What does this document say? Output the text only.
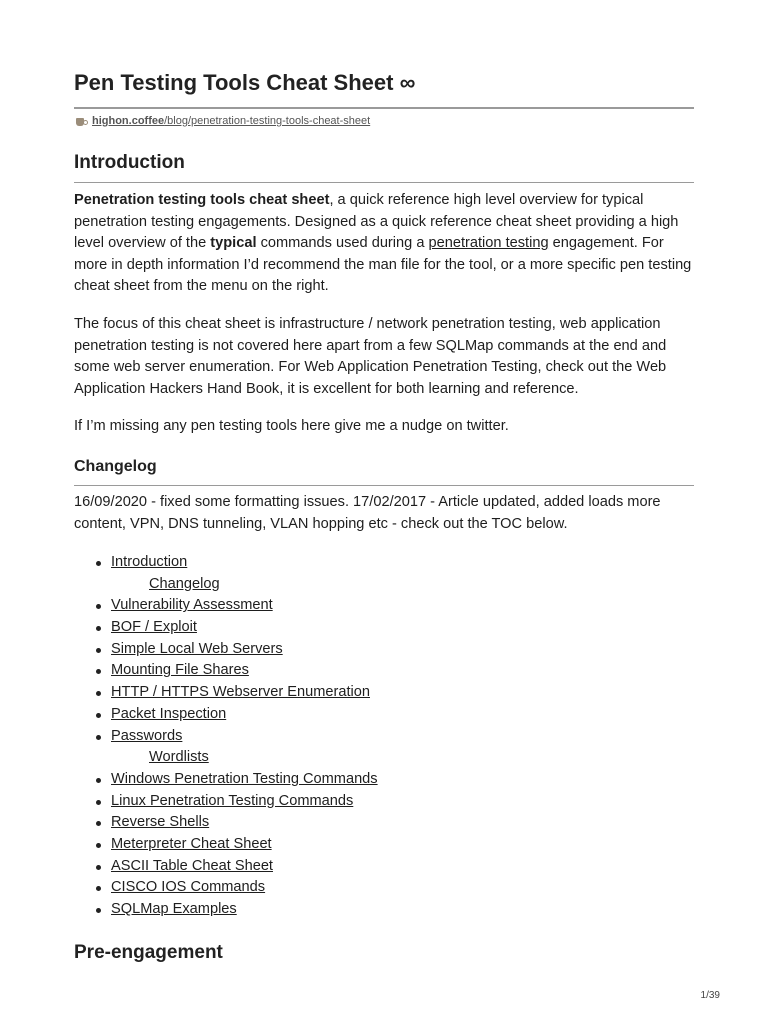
Pen Testing Tools Cheat Sheet ∞
highon.coffee /blog/penetration-testing-tools-cheat-sheet
Introduction

Penetration testing tools cheat sheet, a quick reference high level overview for typical penetration testing engagements. Designed as a quick reference cheat sheet providing a high level overview of the typical commands used during a penetration testing engagement. For more in depth information I’d recommend the man file for the tool, or a more specific pen testing cheat sheet from the menu on the right.

The focus of this cheat sheet is infrastructure / network penetration testing, web application penetration testing is not covered here apart from a few SQLMap commands at the end and some web server enumeration. For Web Application Penetration Testing, check out the Web Application Hackers Hand Book, it is excellent for both learning and reference.

If I’m missing any pen testing tools here give me a nudge on twitter.

Changelog

16/09/2020 - fixed some formatting issues. 17/02/2017 - Article updated, added loads more content, VPN, DNS tunneling, VLAN hopping etc - check out the TOC below.

Introduction
Changelog
Vulnerability Assessment
BOF / Exploit
Simple Local Web Servers
Mounting File Shares
HTTP / HTTPS Webserver Enumeration
Packet Inspection
Passwords
Wordlists
Windows Penetration Testing Commands
Linux Penetration Testing Commands
Reverse Shells
Meterpreter Cheat Sheet
ASCII Table Cheat Sheet
CISCO IOS Commands
SQLMap Examples
Pre-engagement
1/39
